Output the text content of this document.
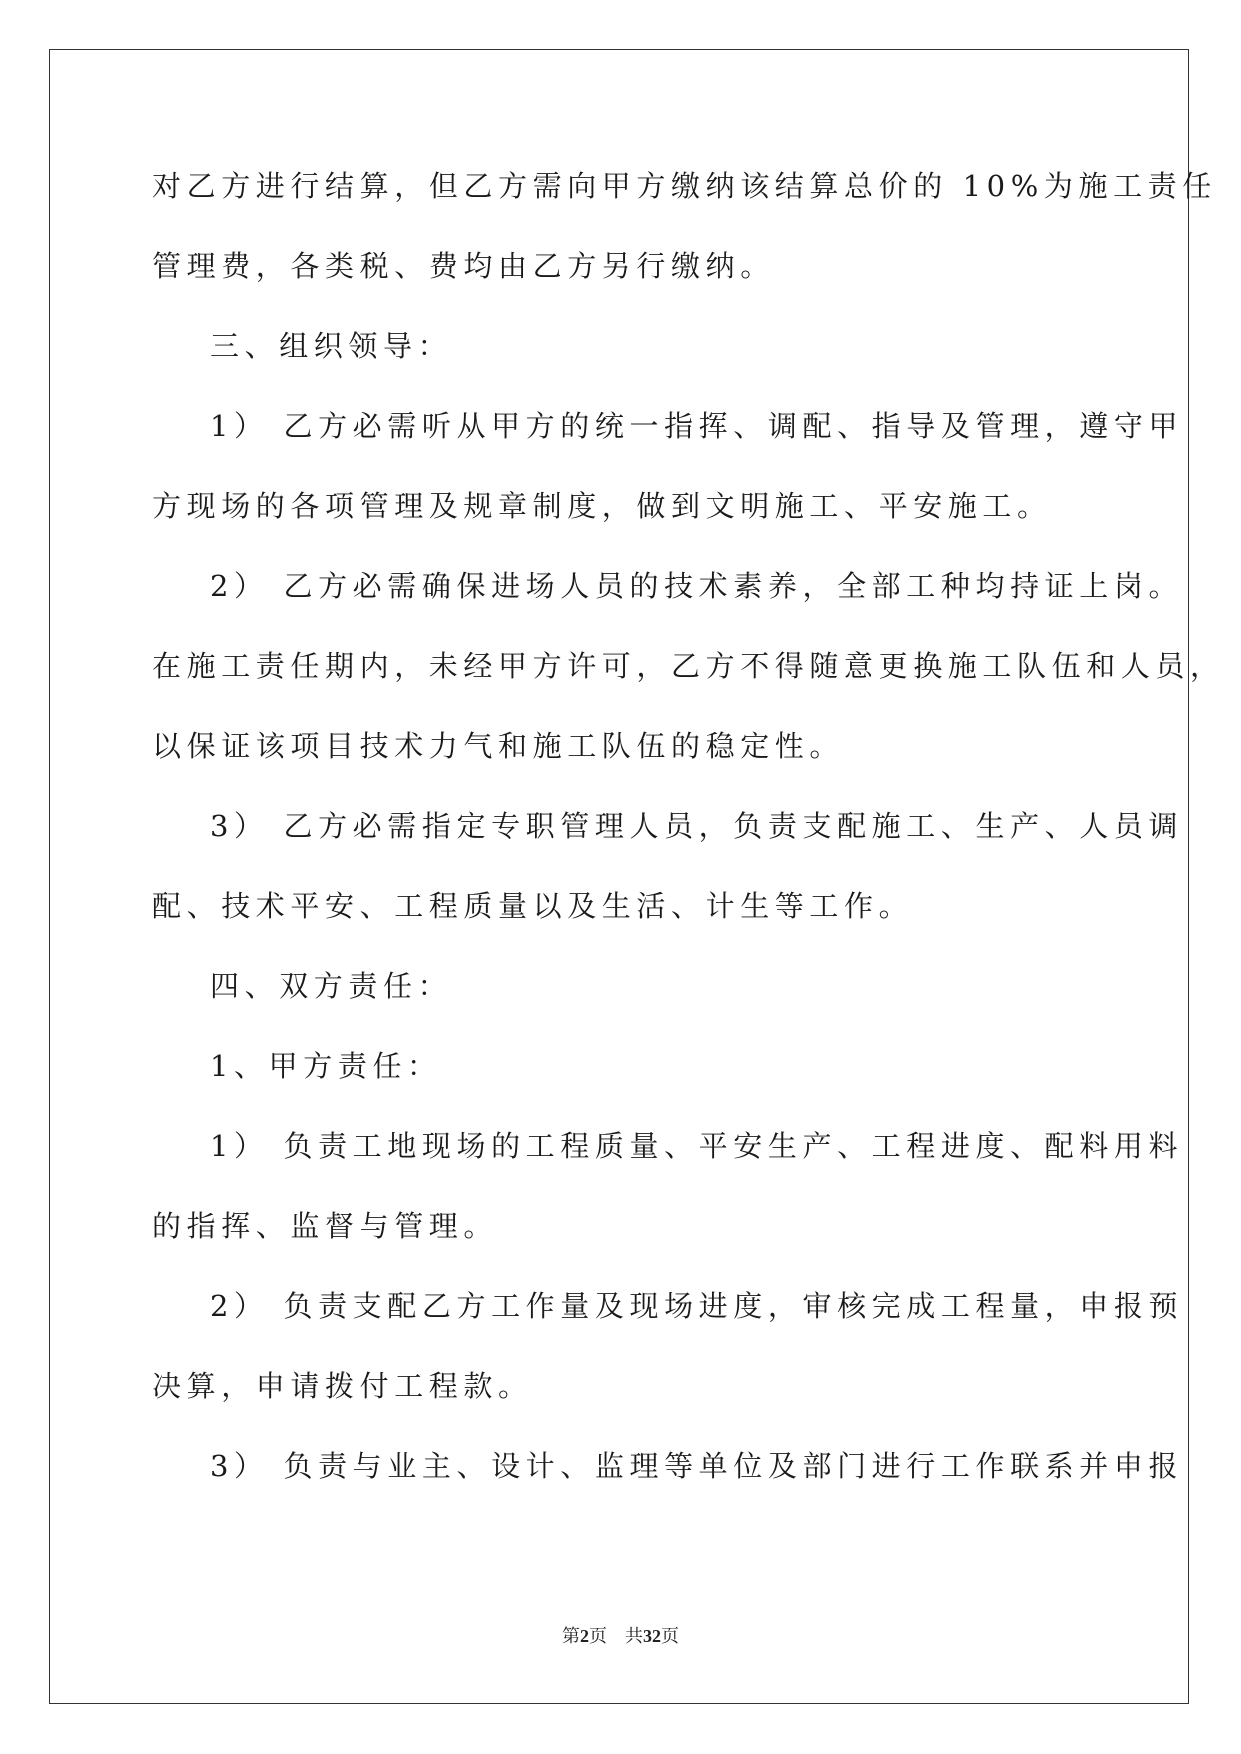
对乙方进行结算，但乙方需向甲方缴纳该结算总价的 10%为施工责任
管理费，各类税、费均由乙方另行缴纳。
三、组织领导：
1） 乙方必需听从甲方的统一指挥、调配、指导及管理，遵守甲
方现场的各项管理及规章制度，做到文明施工、平安施工。
2） 乙方必需确保进场人员的技术素养，全部工种均持证上岗。
在施工责任期内，未经甲方许可，乙方不得随意更换施工队伍和人员，
以保证该项目技术力气和施工队伍的稳定性。
3） 乙方必需指定专职管理人员，负责支配施工、生产、人员调
配、技术平安、工程质量以及生活、计生等工作。
四、双方责任：
1、甲方责任：
1） 负责工地现场的工程质量、平安生产、工程进度、配料用料
的指挥、监督与管理。
2） 负责支配乙方工作量及现场进度，审核完成工程量，申报预
决算，申请拨付工程款。
3） 负责与业主、设计、监理等单位及部门进行工作联系并申报
第2页 共32页
